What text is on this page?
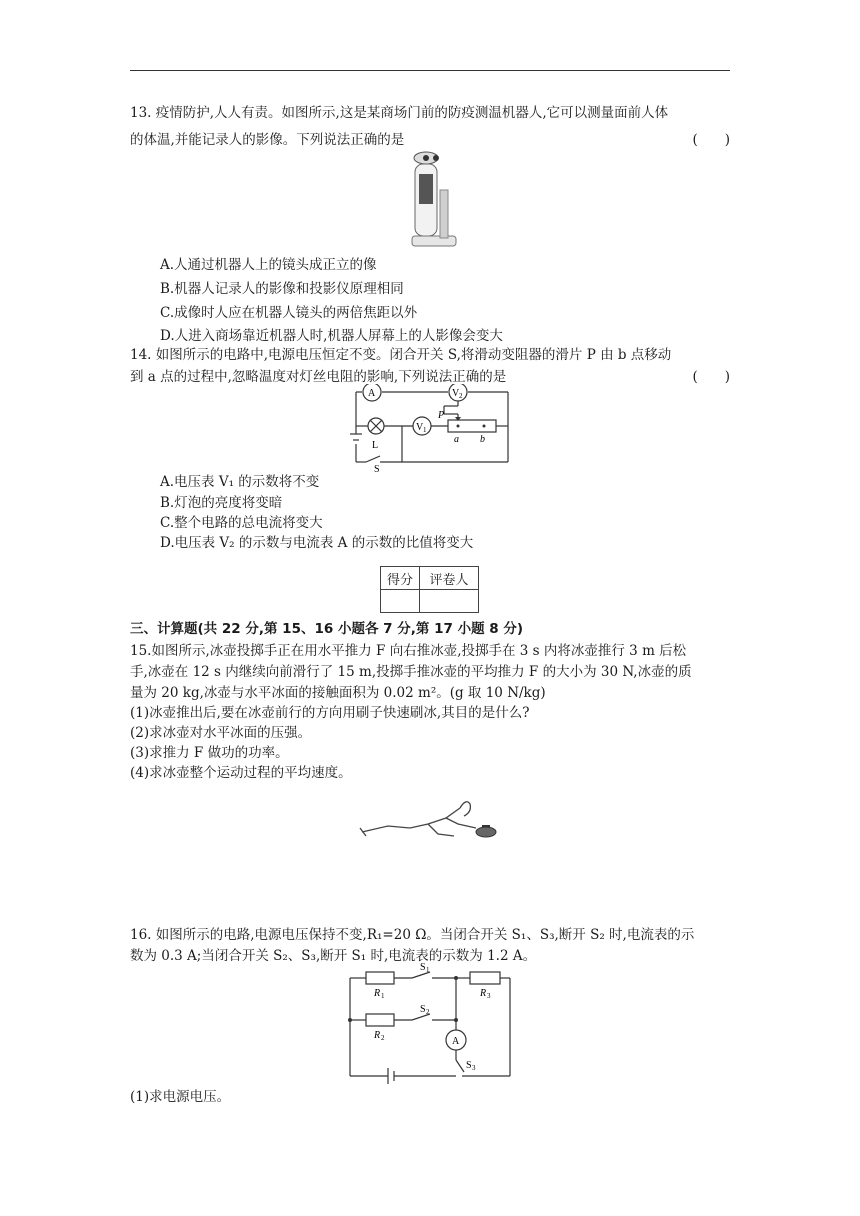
13. 疫情防护,人人有责。如图所示,这是某商场门前的防疫测温机器人,它可以测量面前人体
的体温,并能记录人的影像。下列说法正确的是	(　　)
A.人通过机器人上的镜头成正立的像
B.机器人记录人的影像和投影仪原理相同
C.成像时人应在机器人镜头的两倍焦距以外
D.人进入商场靠近机器人时,机器人屏幕上的人影像会变大
14. 如图所示的电路中,电源电压恒定不变。闭合开关 S,将滑动变阻器的滑片 P 由 b 点移动
到 a 点的过程中,忽略温度对灯丝电阻的影响,下列说法正确的是	(　　)
A	V 2
V 1
L
S
P
a b
A.电压表 V₁ 的示数将不变
B.灯泡的亮度将变暗
C.整个电路的总电流将变大
D.电压表 V₂ 的示数与电流表 A 的示数的比值将变大
得分	评卷人

三、计算题(共 22 分,第 15、16 小题各 7 分,第 17 小题 8 分)
15.如图所示,冰壶投掷手正在用水平推力 F 向右推冰壶,投掷手在 3 s 内将冰壶推行 3 m 后松
手,冰壶在 12 s 内继续向前滑行了 15 m,投掷手推冰壶的平均推力 F 的大小为 30 N,冰壶的质
量为 20 kg,冰壶与水平冰面的接触面积为 0.02 m²。(g 取 10 N/kg)
(1)冰壶推出后,要在冰壶前行的方向用刷子快速刷冰,其目的是什么?
(2)求冰壶对水平冰面的压强。
(3)求推力 F 做功的功率。
(4)求冰壶整个运动过程的平均速度。
16. 如图所示的电路,电源电压保持不变,R₁=20 Ω。当闭合开关 S₁、S₃,断开 S₂ 时,电流表的示
数为 0.3 A;当闭合开关 S₂、S₃,断开 S₁ 时,电流表的示数为 1.2 A。
S 1
S 2
S 3
R 1
R 2
R 3
A
(1)求电源电压。
